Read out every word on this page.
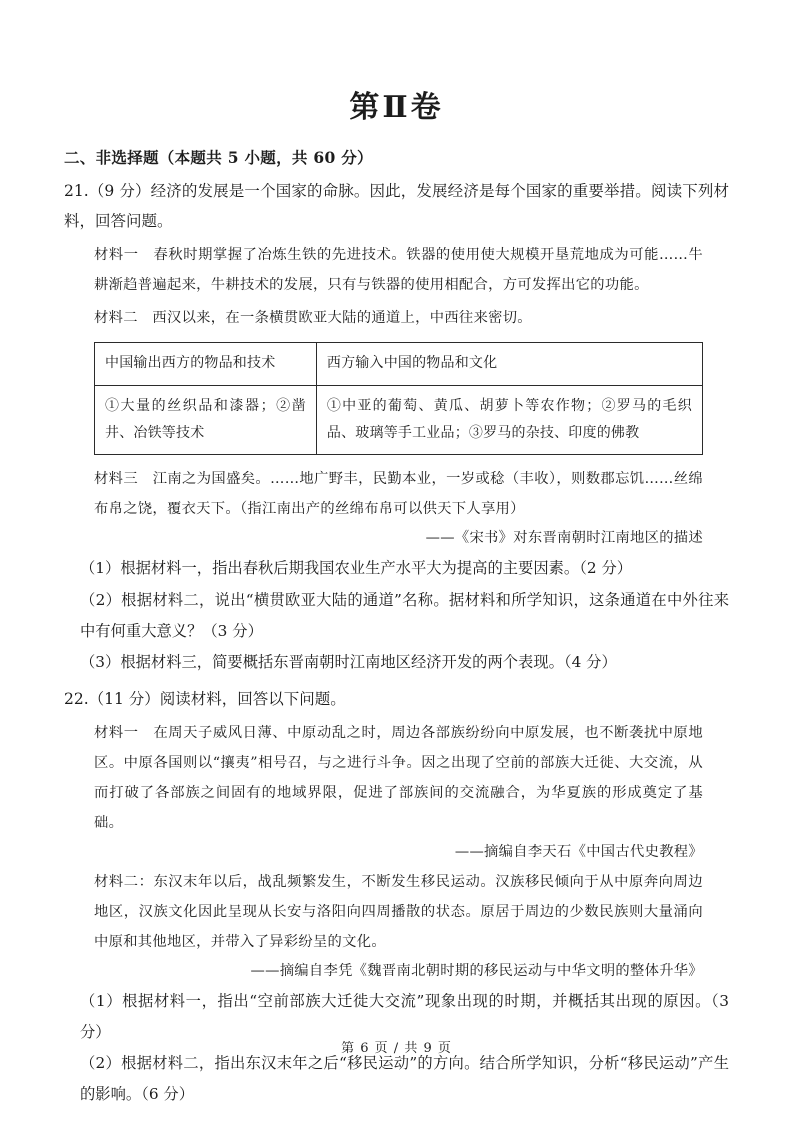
第Ⅱ卷
二、非选择题（本题共 5 小题，共 60 分）

21.（9 分）经济的发展是一个国家的命脉。因此，发展经济是每个国家的重要举措。阅读下列材料，回答问题。

材料一　春秋时期掌握了冶炼生铁的先进技术。铁器的使用使大规模开垦荒地成为可能……牛耕渐趋普遍起来，牛耕技术的发展，只有与铁器的使用相配合，方可发挥出它的功能。

材料二　西汉以来，在一条横贯欧亚大陆的通道上，中西往来密切。

中国输出西方的物品和技术	西方输入中国的物品和文化
①大量的丝织品和漆器；②凿井、冶铁等技术	①中亚的葡萄、黄瓜、胡萝卜等农作物；②罗马的毛织品、玻璃等手工业品；③罗马的杂技、印度的佛教

材料三　江南之为国盛矣。……地广野丰，民勤本业，一岁或稔（丰收），则数郡忘饥……丝绵布帛之饶，覆衣天下。（指江南出产的丝绵布帛可以供天下人享用）

——《宋书》对东晋南朝时江南地区的描述

（1）根据材料一，指出春秋后期我国农业生产水平大为提高的主要因素。（2 分）

（2）根据材料二，说出“横贯欧亚大陆的通道”名称。据材料和所学知识，这条通道在中外往来中有何重大意义？（3 分）

（3）根据材料三，简要概括东晋南朝时江南地区经济开发的两个表现。（4 分）

22.（11 分）阅读材料，回答以下问题。

材料一　在周天子威风日薄、中原动乱之时，周边各部族纷纷向中原发展，也不断袭扰中原地区。中原各国则以“攘夷”相号召，与之进行斗争。因之出现了空前的部族大迁徙、大交流，从而打破了各部族之间固有的地域界限，促进了部族间的交流融合，为华夏族的形成奠定了基础。

——摘编自李天石《中国古代史教程》

材料二：东汉末年以后，战乱频繁发生，不断发生移民运动。汉族移民倾向于从中原奔向周边地区，汉族文化因此呈现从长安与洛阳向四周播散的状态。原居于周边的少数民族则大量涌向中原和其他地区，并带入了异彩纷呈的文化。

——摘编自李凭《魏晋南北朝时期的移民运动与中华文明的整体升华》

（1）根据材料一，指出“空前部族大迁徙大交流”现象出现的时期，并概括其出现的原因。（3 分）

（2）根据材料二，指出东汉末年之后“移民运动”的方向。结合所学知识，分析“移民运动”产生的影响。（6 分）

第 6 页 / 共 9 页
